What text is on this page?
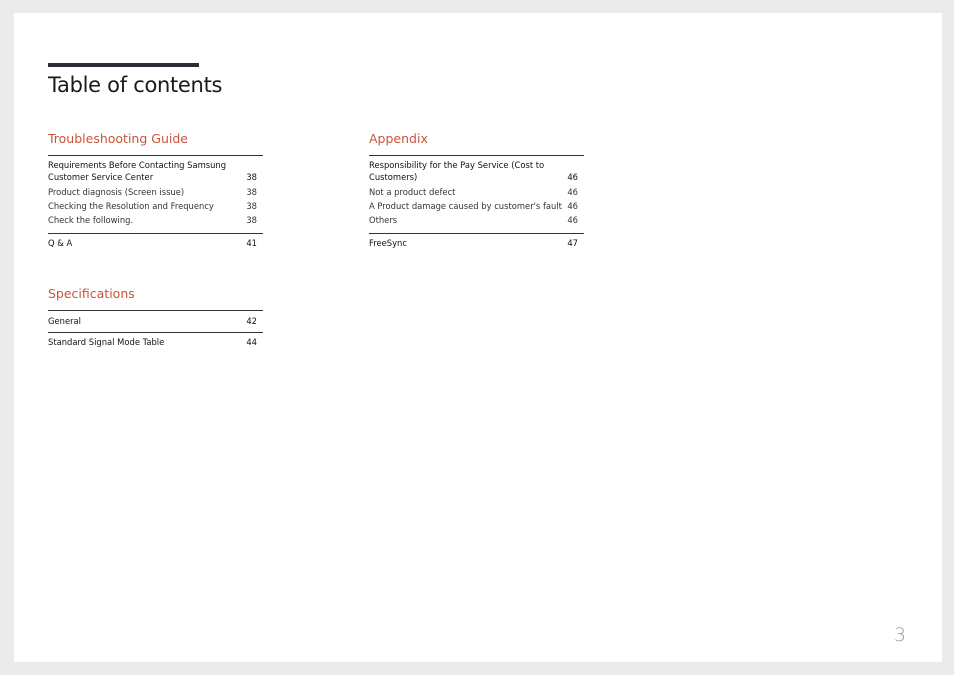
Table of contents
Troubleshooting Guide
Requirements Before Contacting Samsung Customer Service Center	38
Product diagnosis (Screen issue)	38
Checking the Resolution and Frequency	38
Check the following.	38
Q & A	41
Specifications
General	42
Standard Signal Mode Table	44
Appendix
Responsibility for the Pay Service (Cost to Customers)	46
Not a product defect	46
A Product damage caused by customer's fault 46
Others	46
FreeSync	47
3
